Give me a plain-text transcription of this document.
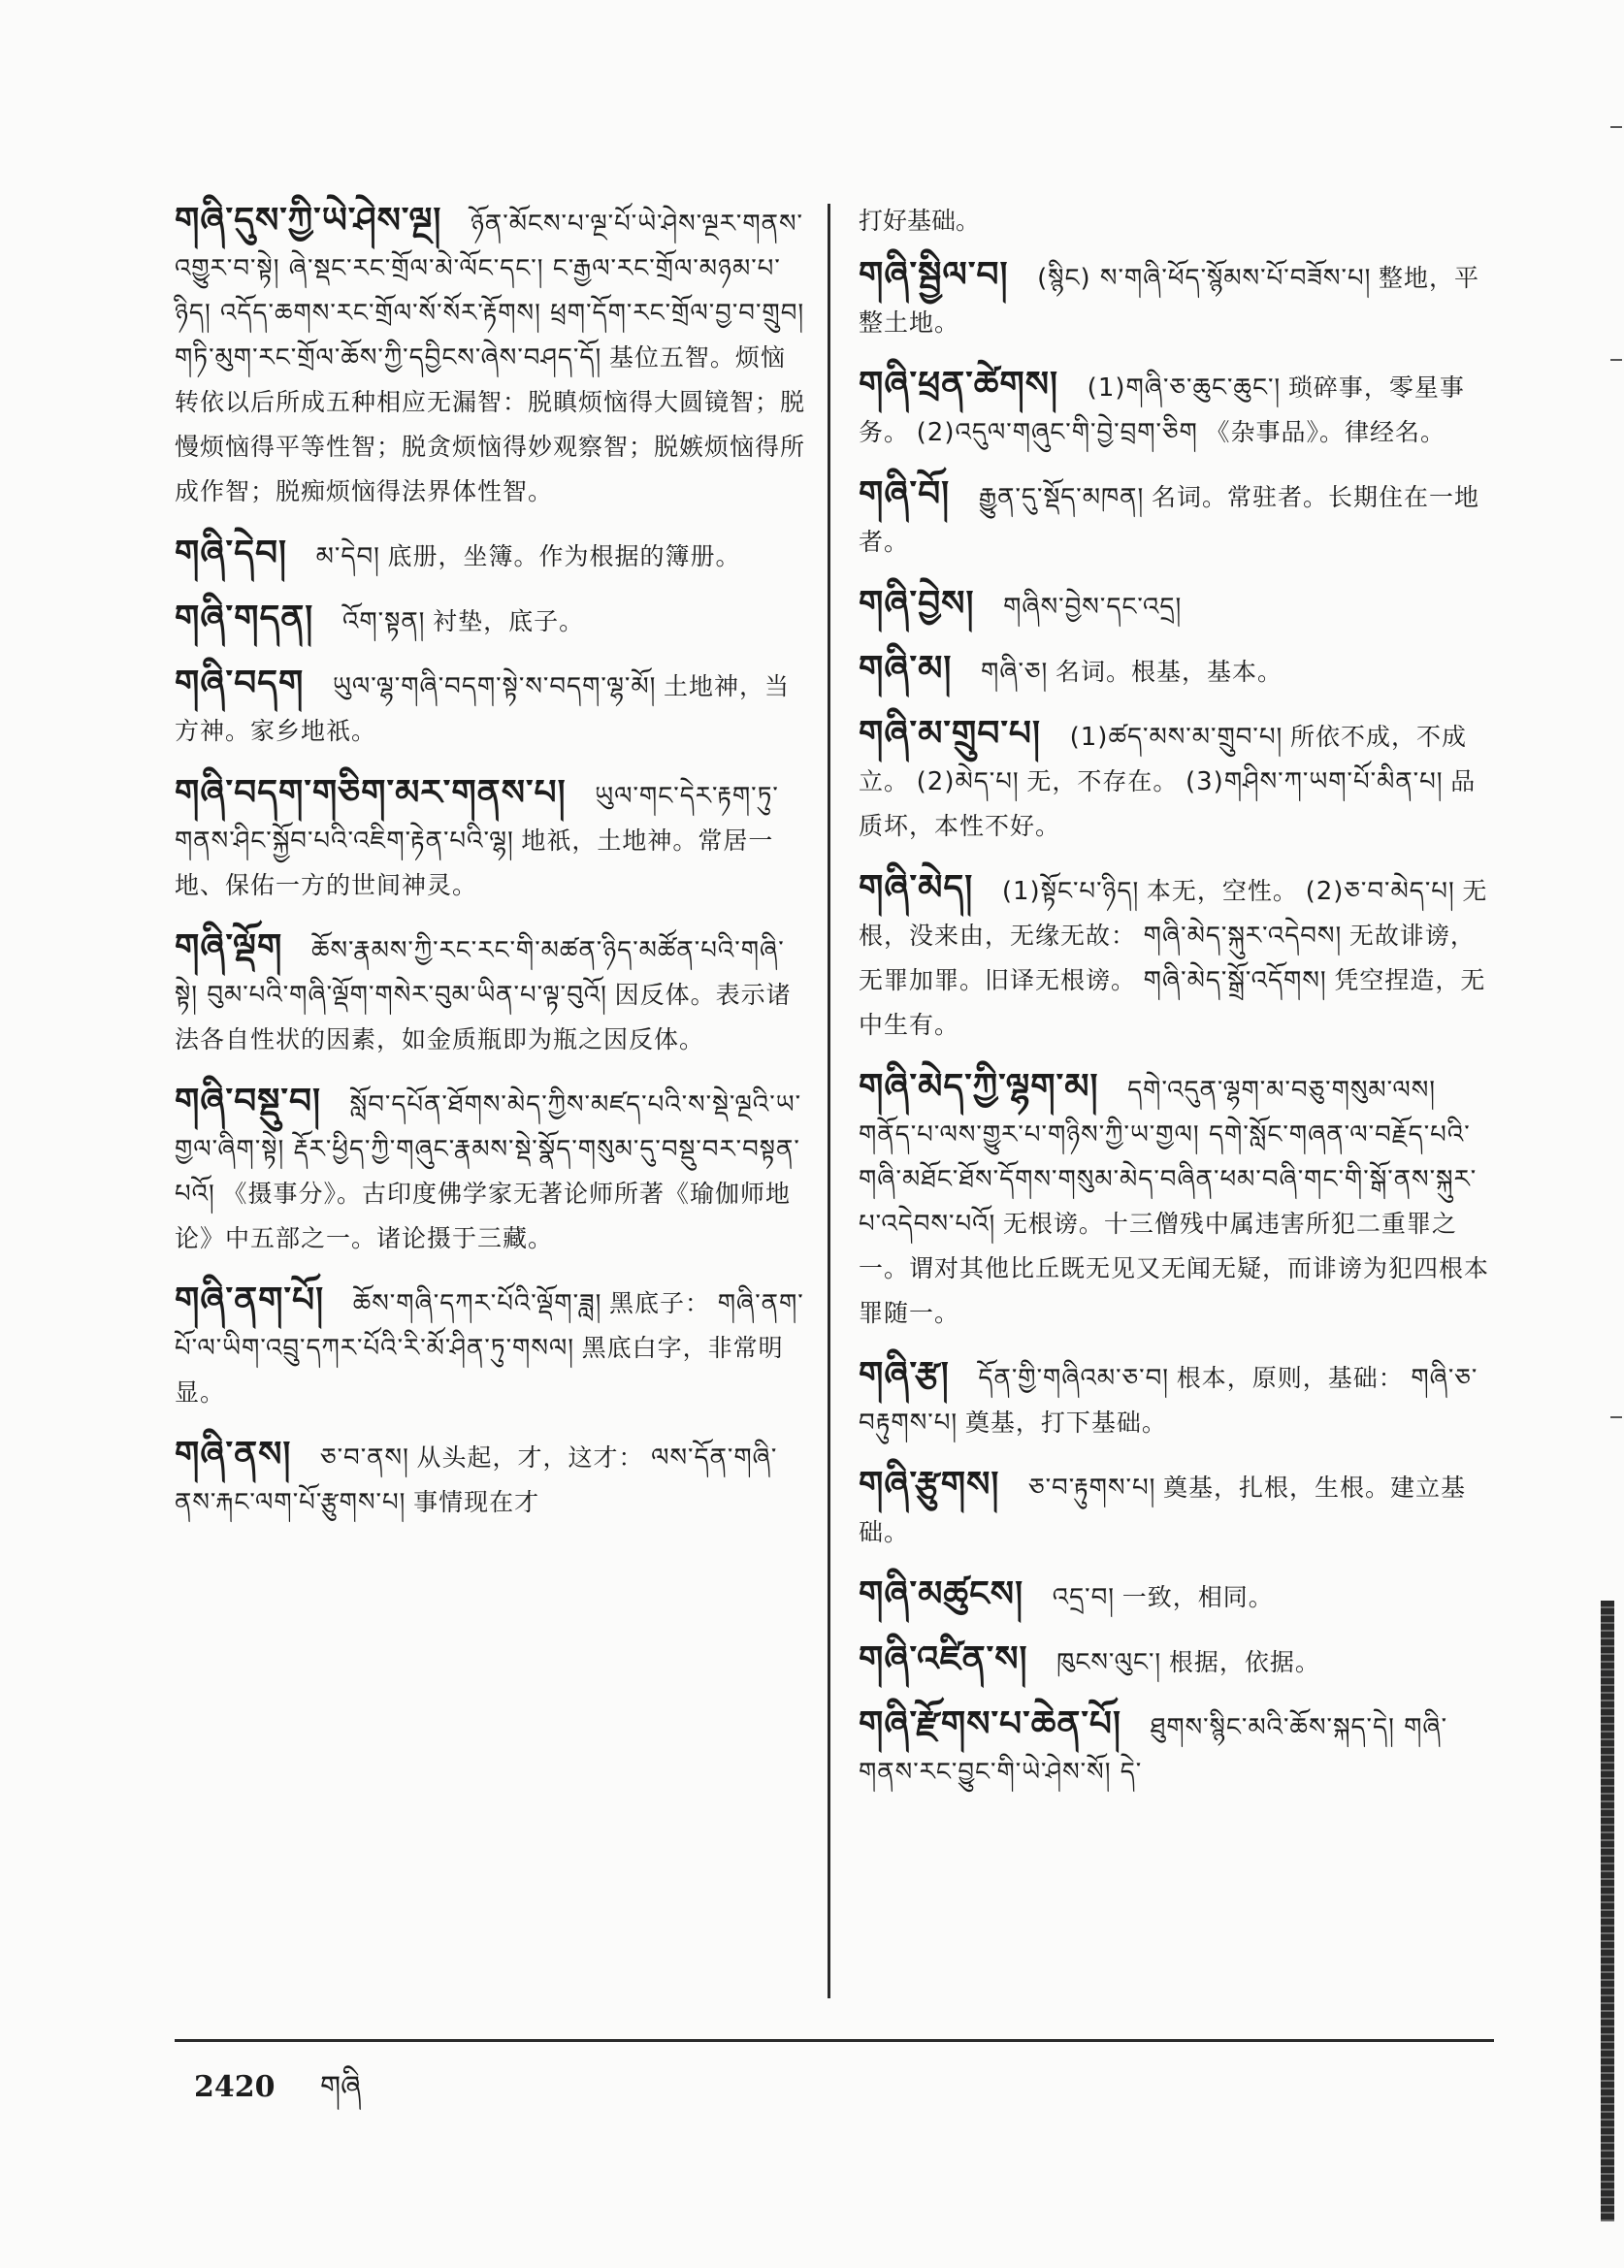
གཞི་དུས་ཀྱི་ཡེ་ཤེས་ལྔ། ཉོན་མོངས་པ་ལྔ་པོ་ཡེ་ཤེས་ལྔར་གནས་འགྱུར་བ་སྟེ། ཞེ་སྡང་རང་གྲོལ་མེ་ལོང་དང་། ང་རྒྱལ་རང་གྲོལ་མཉམ་པ་ཉིད། འདོད་ཆགས་རང་གྲོལ་སོ་སོར་རྟོགས། ཕྲག་དོག་རང་གྲོལ་བྱ་བ་གྲུབ། གཏི་མུག་རང་གྲོལ་ཆོས་ཀྱི་དབྱིངས་ཞེས་བཤད་དོ། 基位五智。烦恼转依以后所成五种相应无漏智：脱瞋烦恼得大圆镜智；脱慢烦恼得平等性智；脱贪烦恼得妙观察智；脱嫉烦恼得所成作智；脱痴烦恼得法界体性智。
གཞི་དེབ། མ་དེབ། 底册，坐簿。作为根据的簿册。
གཞི་གདན། འོག་སྟན། 衬垫，底子。
གཞི་བདག ཡུལ་ལྷ་གཞི་བདག་སྟེ་ས་བདག་ལྷ་མོ། 土地神，当方神。家乡地祇。
གཞི་བདག་གཅིག་མར་གནས་པ། ཡུལ་གང་དེར་རྟག་ཏུ་གནས་ཤིང་སྐྱོབ་པའི་འཇིག་རྟེན་པའི་ལྷ། 地祇，土地神。常居一地、保佑一方的世间神灵。
གཞི་ལྡོག ཆོས་རྣམས་ཀྱི་རང་རང་གི་མཚན་ཉིད་མཚོན་པའི་གཞི་སྟེ། བུམ་པའི་གཞི་ལྡོག་གསེར་བུམ་ཡིན་པ་ལྟ་བུའོ། 因反体。表示诸法各自性状的因素，如金质瓶即为瓶之因反体。
གཞི་བསྡུ་བ། སློབ་དཔོན་ཐོགས་མེད་ཀྱིས་མཛད་པའི་ས་སྡེ་ལྔའི་ཡ་གྱལ་ཞིག་སྟེ། རྡོར་ཕྱིད་ཀྱི་གཞུང་རྣམས་སྡེ་སྣོད་གསུམ་དུ་བསྡུ་བར་བསྟན་པའོ། 《摄事分》。古印度佛学家无著论师所著《瑜伽师地论》中五部之一。诸论摄于三藏。
གཞི་ནག་པོ། ཆོས་གཞི་དཀར་པོའི་ལྡོག་ཟླ། 黑底子： གཞི་ནག་པོ་ལ་ཡིག་འབྲུ་དཀར་པོའི་རི་མོ་ཤིན་ཏུ་གསལ། 黑底白字，非常明显。
གཞི་ནས། ཅ་བ་ནས། 从头起，才，这才： ལས་དོན་གཞི་ནས་རྐང་ལག་པོ་རྩུགས་པ། 事情现在才
打好基础。
གཞི་སྦྱིལ་བ། (སྙིང) ས་གཞི་ཕོད་སྙོམས་པོ་བཟོས་པ། 整地，平整土地。
གཞི་ཕྲན་ཚེགས། (1)གཞི་ཅ་ཆུང་ཆུང་། 琐碎事，零星事务。 (2)འདུལ་གཞུང་གི་བྱེ་བྲག་ཅིག 《杂事品》。律经名。
གཞི་བོ། རྒྱུན་དུ་སྡོད་མཁན། 名词。常驻者。长期住在一地者。
གཞི་བྱེས། གཞིས་བྱེས་དང་འདྲ།
གཞི་མ། གཞི་ཅ། 名词。根基，基本。
གཞི་མ་གྲུབ་པ། (1)ཚད་མས་མ་གྲུབ་པ། 所依不成，不成立。 (2)མེད་པ། 无，不存在。 (3)གཤིས་ཀ་ཡག་པོ་མིན་པ། 品质坏，本性不好。
གཞི་མེད། (1)སྟོང་པ་ཉིད། 本无，空性。 (2)ཅ་བ་མེད་པ། 无根，没来由，无缘无故： གཞི་མེད་སྐུར་འདེབས། 无故诽谤，无罪加罪。旧译无根谤。 གཞི་མེད་སྒྲོ་འདོགས། 凭空捏造，无中生有。
གཞི་མེད་ཀྱི་ལྷག་མ། དགེ་འདུན་ལྷག་མ་བཅུ་གསུམ་ལས། གནོད་པ་ལས་གྱུར་པ་གཉིས་ཀྱི་ཡ་གྱལ། དགེ་སློང་གཞན་ལ་བརྗོད་པའི་གཞི་མཐོང་ཐོས་དོགས་གསུམ་མེད་བཞིན་ཕམ་བཞི་གང་གི་སྒོ་ནས་སྐུར་པ་འདེབས་པའོ། 无根谤。十三僧残中属违害所犯二重罪之一。谓对其他比丘既无见又无闻无疑，而诽谤为犯四根本罪随一。
གཞི་རྩ། དོན་གྱི་གཞིའམ་ཅ་བ། 根本，原则，基础： གཞི་ཅ་བརྟུགས་པ། 奠基，打下基础。
གཞི་རྩུགས། ཅ་བ་རྟུགས་པ། 奠基，扎根，生根。建立基础。
གཞི་མཚུངས། འདྲ་བ། 一致，相同。
གཞི་འཛིན་ས། ཁུངས་ལུང་། 根据，依据。
གཞི་རྫོགས་པ་ཆེན་པོ། ཐུགས་སྙིང་མའི་ཆོས་སྐད་དེ། གཞི་གནས་རང་བྱུང་གི་ཡེ་ཤེས་སོ། དེ་
2420 གཞི
